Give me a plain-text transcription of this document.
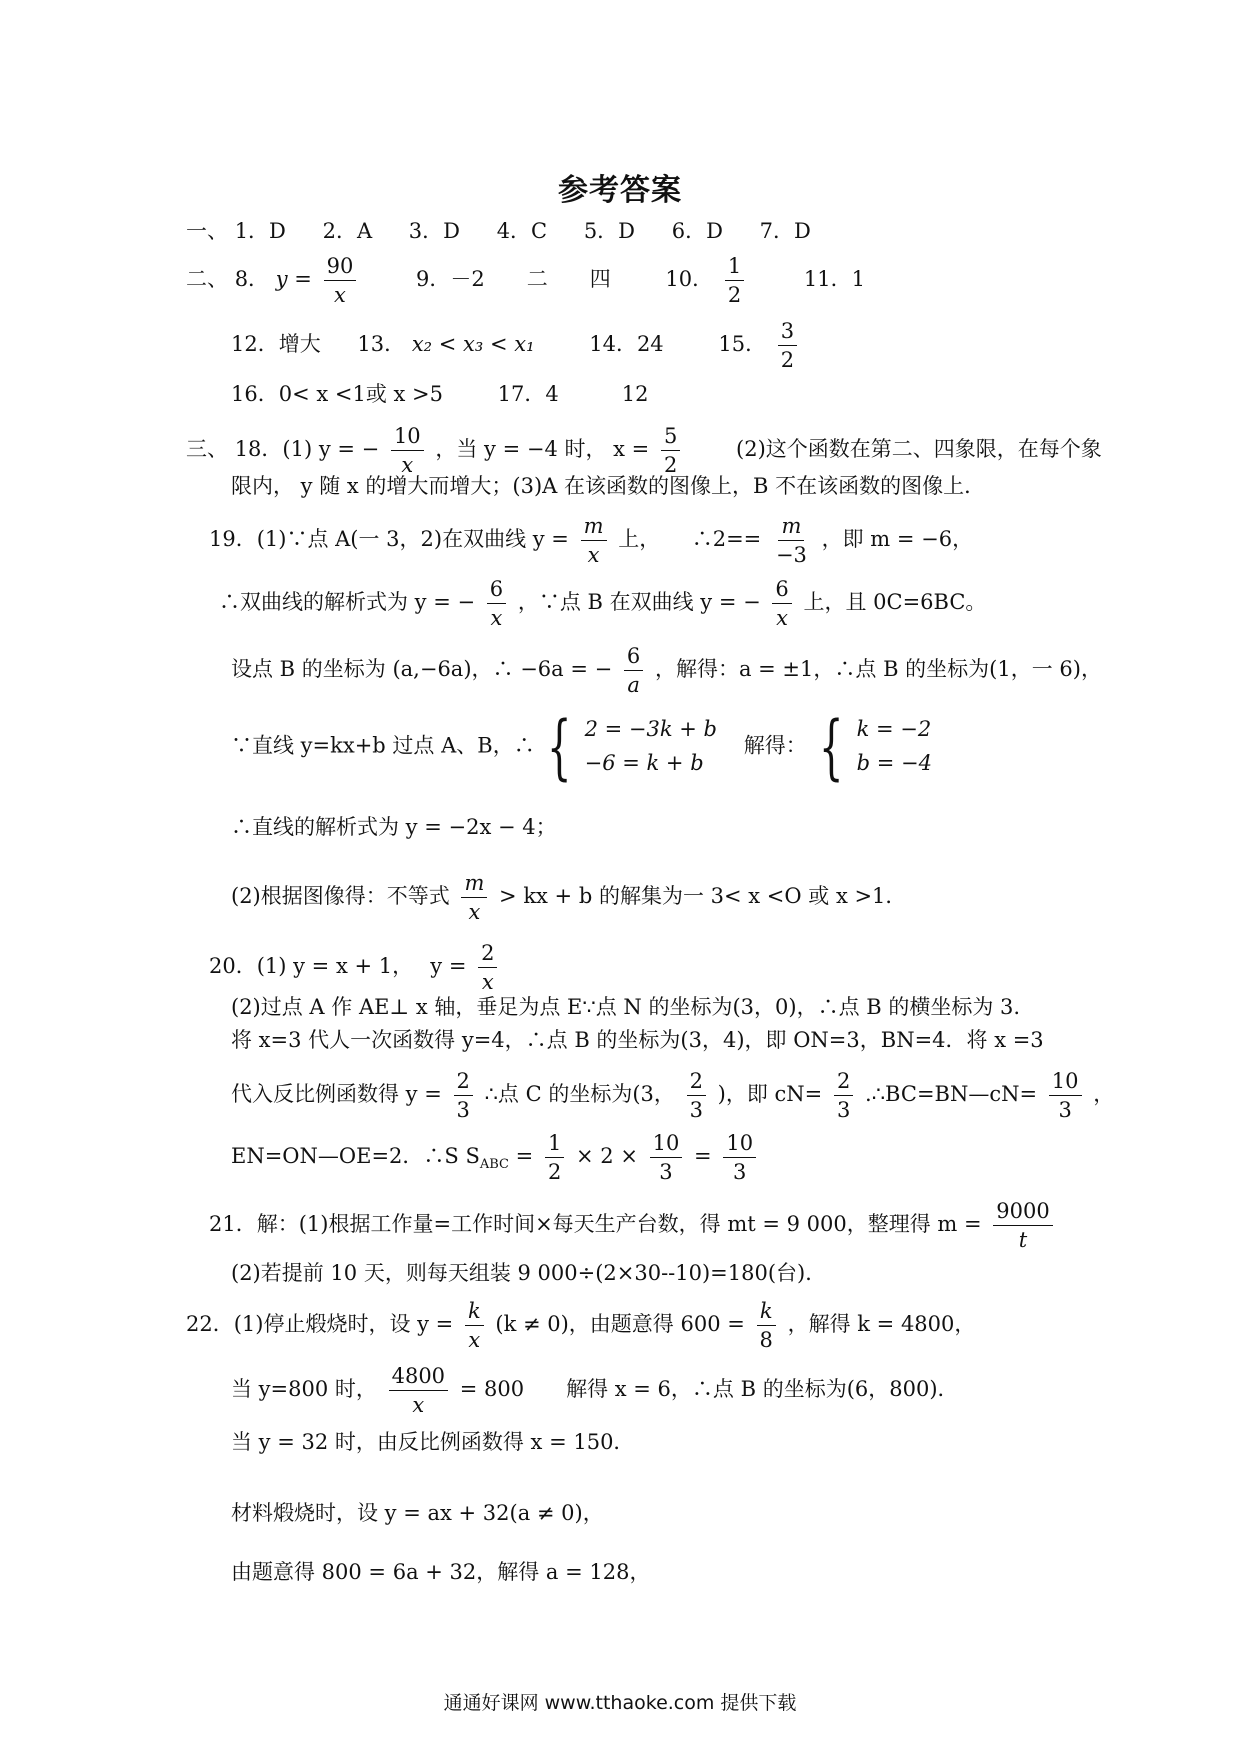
参考答案
一、 1．D 2．A 3．D 4．C 5．D 6．D 7．D
二、 8． $y = \frac{90}{x}$	9．－2　　二　　四	10． $\frac{1}{2}$	11．1
12．增大 13． x₂ < x₃ < x₁	14．24	15． $\frac{3}{2}$
16．0< x <1或 x >5	17．4　　　12
三、 18．(1) y = − $\frac{10}{x}$ ，当 y = −4 时， $x = \frac{5}{2}$	(2)这个函数在第二、四象限，在每个象
限内， y 随 x 的增大而增大；(3)A 在该函数的图像上，B 不在该函数的图像上．
19．(1)∵点 A(一 3，2)在双曲线 $y = \frac{m}{x}$ 上，　　∴2== $\frac{m}{-3}$ ，即 m = −6，
∴双曲线的解析式为 y = − $\frac{6}{x}$ ，∵点 B 在双曲线 y = − $\frac{6}{x}$ 上，且 0C=6BC。
设点 B 的坐标为 (a,−6a)，∴ −6a = − $\frac{6}{a}$ ，解得：a = ±1，∴点 B 的坐标为(1，一 6)，
∵直线 y=kx+b 过点 A、B，∴ { 2 = −3k + b
−6 = k + b
解得： { k = −2
b = −4
∴直线的解析式为 y = −2x − 4；
(2)根据图像得：不等式 $\frac{m}{x}$ > kx + b 的解集为一 3< x <O 或 x >1．
20．(1) y = x + 1，　 $y = \frac{2}{x}$
(2)过点 A 作 AE⊥ x 轴，垂足为点 E∵点 N 的坐标为(3，0)，∴点 B 的横坐标为 3.
将 x=3 代人一次函数得 y=4，∴点 B 的坐标为(3，4)，即 ON=3，BN=4．将 x =3
代入反比例函数得 $y = \frac{2}{3}$ ∴点 C 的坐标为(3， $\frac{2}{3}$ )，即 $cN= \frac{2}{3}$ .∴BC=BN—cN= $\frac{10}{3}$ ，
EN=ON—OE=2．∴S $S_{ABC} = \frac{1}{2} \times 2 \times \frac{10}{3} = \frac{10}{3}$
21．解：(1)根据工作量=工作时间×每天生产台数，得 mt = 9 000，整理得 $m = \frac{9000}{t}$
(2)若提前 10 天，则每天组装 9 000÷(2×30--10)=180(台)．
22．(1)停止煅烧时，设 $y = \frac{k}{x} (k \ne 0)$，由题意得 $600 = \frac{k}{8}$ ，解得 k = 4800，
当 y=800 时， $\frac{4800}{x} = 800$　　解得 x = 6，∴点 B 的坐标为(6，800)．
当 y = 32 时，由反比例函数得 x = 150．
材料煅烧时，设 y = ax + 32(a ≠ 0)，
由题意得 800 = 6a + 32，解得 a = 128，
通通好课网 www.tthaoke.com 提供下载
